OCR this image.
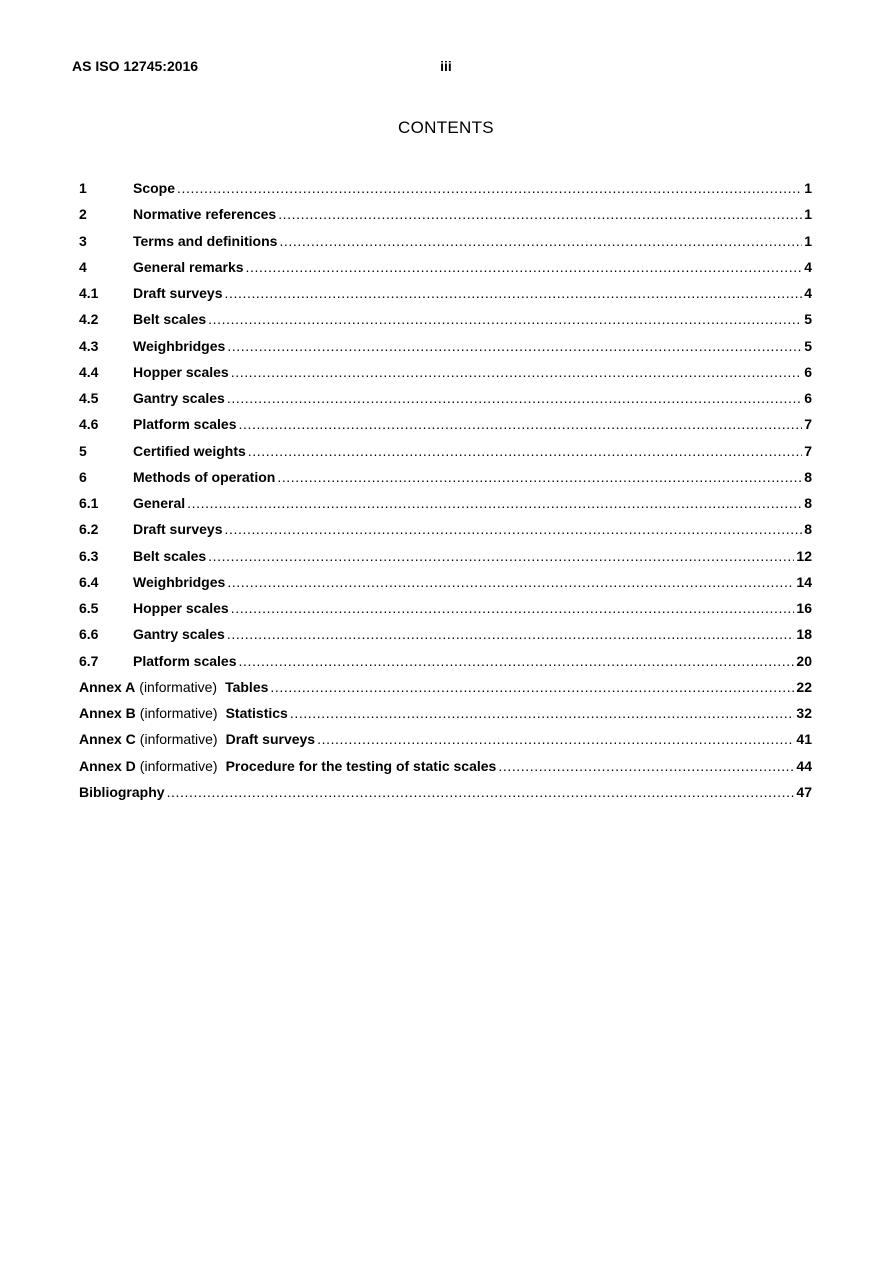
AS ISO 12745:2016	iii
CONTENTS
1	Scope .....	1
2	Normative references .....	1
3	Terms and definitions .....	1
4	General remarks .....	4
4.1	Draft surveys .....	4
4.2	Belt scales .....	5
4.3	Weighbridges .....	5
4.4	Hopper scales .....	6
4.5	Gantry scales .....	6
4.6	Platform scales .....	7
5	Certified weights .....	7
6	Methods of operation .....	8
6.1	General .....	8
6.2	Draft surveys .....	8
6.3	Belt scales .....	12
6.4	Weighbridges .....	14
6.5	Hopper scales .....	16
6.6	Gantry scales .....	18
6.7	Platform scales .....	20
Annex A (informative) Tables .....	22
Annex B (informative) Statistics .....	32
Annex C (informative) Draft surveys .....	41
Annex D (informative) Procedure for the testing of static scales .....	44
Bibliography .....	47
